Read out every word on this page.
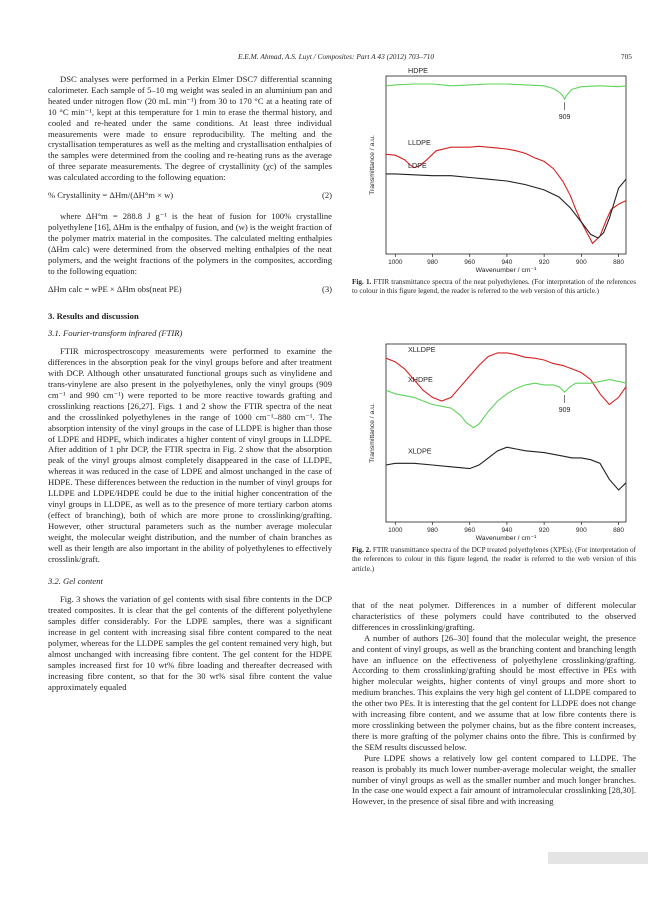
E.E.M. Ahmad, A.S. Luyt / Composites: Part A 43 (2012) 703–710	705

DSC analyses were performed in a Perkin Elmer DSC7 differential scanning calorimeter. Each sample of 5–10 mg weight was sealed in an aluminium pan and heated under nitrogen flow (20 mL min⁻¹) from 30 to 170 °C at a heating rate of 10 °C min⁻¹, kept at this temperature for 1 min to erase the thermal history, and cooled and re-heated under the same conditions. At least three individual measurements were made to ensure reproducibility. The melting and the crystallisation temperatures as well as the melting and crystallisation enthalpies of the samples were determined from the cooling and re-heating runs as the average of three separate measurements. The degree of crystallinity (χc) of the samples was calculated according to the following equation:

% Crystallinity = ΔHm/(ΔH°m × w)	(2)

where ΔH°m = 288.8 J g⁻¹ is the heat of fusion for 100% crystalline polyethylene [16], ΔHm is the enthalpy of fusion, and (w) is the weight fraction of the polymer matrix material in the composites. The calculated melting enthalpies (ΔHm calc) were determined from the observed melting enthalpies of the neat polymers, and the weight fractions of the polymers in the composites, according to the following equation:

ΔHm calc = wPE × ΔHm obs(neat PE)	(3)
3. Results and discussion
3.1. Fourier-transform infrared (FTIR)

FTIR microspectroscopy measurements were performed to examine the differences in the absorption peak for the vinyl groups before and after treatment with DCP. Although other unsaturated functional groups such as vinylidene and trans-vinylene are also present in the polyethylenes, only the vinyl groups (909 cm⁻¹ and 990 cm⁻¹) were reported to be more reactive towards grafting and crosslinking reactions [26,27]. Figs. 1 and 2 show the FTIR spectra of the neat and the crosslinked polyethylenes in the range of 1000 cm⁻¹–880 cm⁻¹. The absorption intensity of the vinyl groups in the case of LLDPE is higher than those of LDPE and HDPE, which indicates a higher content of vinyl groups in LLDPE. After addition of 1 phr DCP, the FTIR spectra in Fig. 2 show that the absorption peak of the vinyl groups almost completely disappeared in the case of LLDPE, whereas it was reduced in the case of LDPE and almost unchanged in the case of HDPE. These differences between the reduction in the number of vinyl groups for LLDPE and LDPE/HDPE could be due to the initial higher concentration of the vinyl groups in LLDPE, as well as to the presence of more tertiary carbon atoms (effect of branching), both of which are more prone to crosslinking/grafting. However, other structural parameters such as the number average molecular weight, the molecular weight distribution, and the number of chain branches as well as their length are also important in the ability of polyethylenes to effectively crosslink/graft.

3.2. Gel content

Fig. 3 shows the variation of gel contents with sisal fibre contents in the DCP treated composites. It is clear that the gel contents of the different polyethylene samples differ considerably. For the LDPE samples, there was a significant increase in gel content with increasing sisal fibre content compared to the neat polymer, whereas for the LLDPE samples the gel content remained very high, but almost unchanged with increasing fibre content. The gel content for the HDPE samples increased first for 10 wt% fibre loading and thereafter decreased with increasing fibre content, so that for the 30 wt% sisal fibre content the value approximately equaled

1000	980	960	940	920	900	880
Wavenumber / cm⁻¹
Transmittance / a.u.
HDPE
LLDPE
LDPE
909
Fig. 1. FTIR transmittance spectra of the neat polyethylenes. (For interpretation of the references to colour in this figure legend, the reader is referred to the web version of this article.)
1000	980	960	940	920	900	880
Wavenumber / cm⁻¹
Transmittance / a.u.
XLLDPE
XHDPE
XLDPE
909
Fig. 2. FTIR transmittance spectra of the DCP treated polyethylenes (XPEs). (For interpretation of the references to colour in this figure legend, the reader is referred to the web version of this article.)

that of the neat polymer. Differences in a number of different molecular characteristics of these polymers could have contributed to the observed differences in crosslinking/grafting.

A number of authors [26–30] found that the molecular weight, the presence and content of vinyl groups, as well as the branching content and branching length have an influence on the effectiveness of polyethylene crosslinking/grafting. According to them crosslinking/grafting should be most effective in PEs with higher molecular weights, higher contents of vinyl groups and more short to medium branches. This explains the very high gel content of LLDPE compared to the other two PEs. It is interesting that the gel content for LLDPE does not change with increasing fibre content, and we assume that at low fibre contents there is more crosslinking between the polymer chains, but as the fibre content increases, there is more grafting of the polymer chains onto the fibre. This is confirmed by the SEM results discussed below.

Pure LDPE shows a relatively low gel content compared to LLDPE. The reason is probably its much lower number-average molecular weight, the smaller number of vinyl groups as well as the smaller number and much longer branches. In the case one would expect a fair amount of intramolecular crosslinking [28,30]. However, in the presence of sisal fibre and with increasing
